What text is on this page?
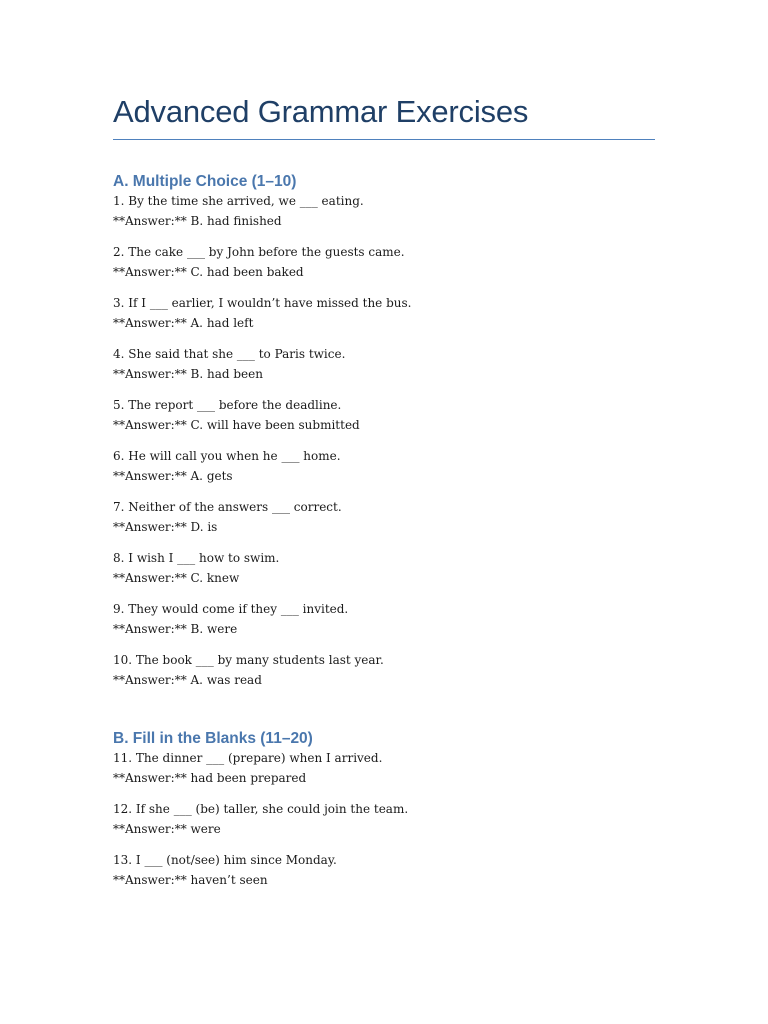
Advanced Grammar Exercises
A. Multiple Choice (1–10)
1. By the time she arrived, we ___ eating.
**Answer:** B. had finished
2. The cake ___ by John before the guests came.
**Answer:** C. had been baked
3. If I ___ earlier, I wouldn’t have missed the bus.
**Answer:** A. had left
4. She said that she ___ to Paris twice.
**Answer:** B. had been
5. The report ___ before the deadline.
**Answer:** C. will have been submitted
6. He will call you when he ___ home.
**Answer:** A. gets
7. Neither of the answers ___ correct.
**Answer:** D. is
8. I wish I ___ how to swim.
**Answer:** C. knew
9. They would come if they ___ invited.
**Answer:** B. were
10. The book ___ by many students last year.
**Answer:** A. was read
B. Fill in the Blanks (11–20)
11. The dinner ___ (prepare) when I arrived.
**Answer:** had been prepared
12. If she ___ (be) taller, she could join the team.
**Answer:** were
13. I ___ (not/see) him since Monday.
**Answer:** haven’t seen
